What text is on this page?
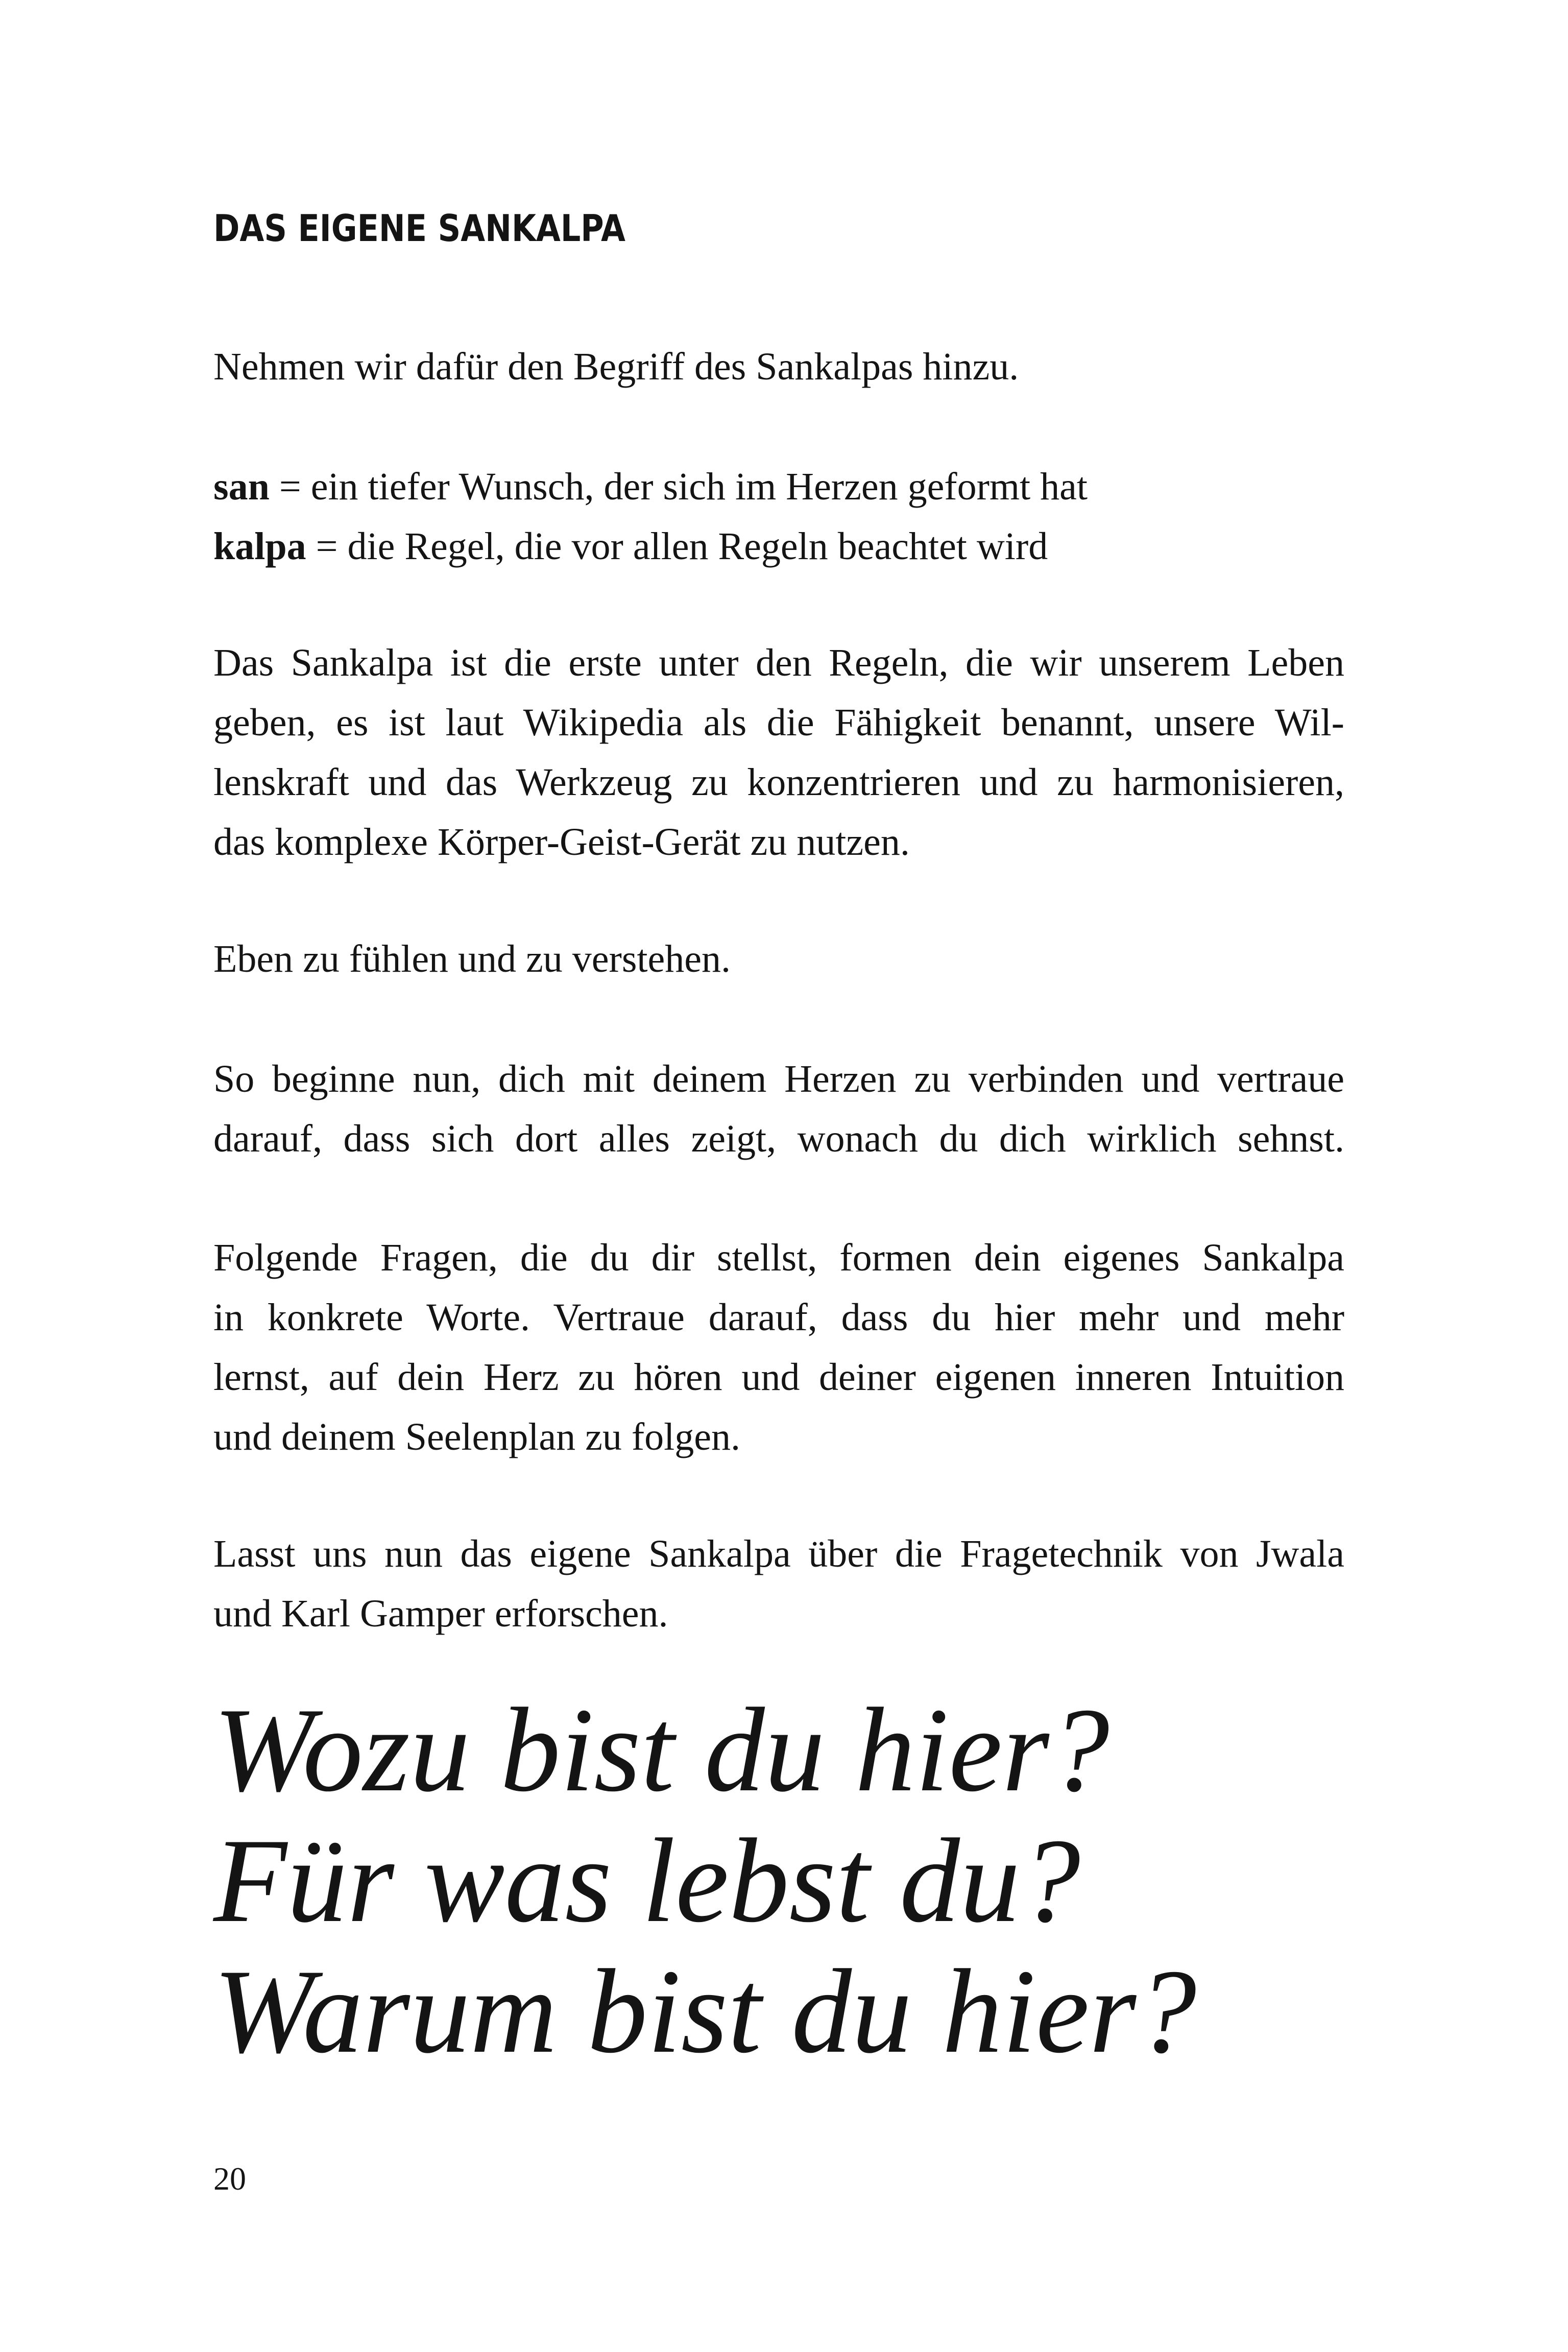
DAS EIGENE SANKALPA

Nehmen wir dafür den Begriff des Sankalpas hinzu.

san = ein tiefer Wunsch, der sich im Herzen geformt hat
kalpa = die Regel, die vor allen Regeln beachtet wird

Das Sankalpa ist die erste unter den Regeln, die wir unserem Leben
geben, es ist laut Wikipedia als die Fähigkeit benannt, unsere Wil-
lenskraft und das Werkzeug zu konzentrieren und zu harmonisieren,
das komplexe Körper-Geist-Gerät zu nutzen.

Eben zu fühlen und zu verstehen.

So beginne nun, dich mit deinem Herzen zu verbinden und vertraue
darauf, dass sich dort alles zeigt, wonach du dich wirklich sehnst.

Folgende Fragen, die du dir stellst, formen dein eigenes Sankalpa
in konkrete Worte. Vertraue darauf, dass du hier mehr und mehr
lernst, auf dein Herz zu hören und deiner eigenen inneren Intuition
und deinem Seelenplan zu folgen.

Lasst uns nun das eigene Sankalpa über die Fragetechnik von Jwala
und Karl Gamper erforschen.

Wozu bist du hier?
Für was lebst du?
Warum bist du hier?

20
